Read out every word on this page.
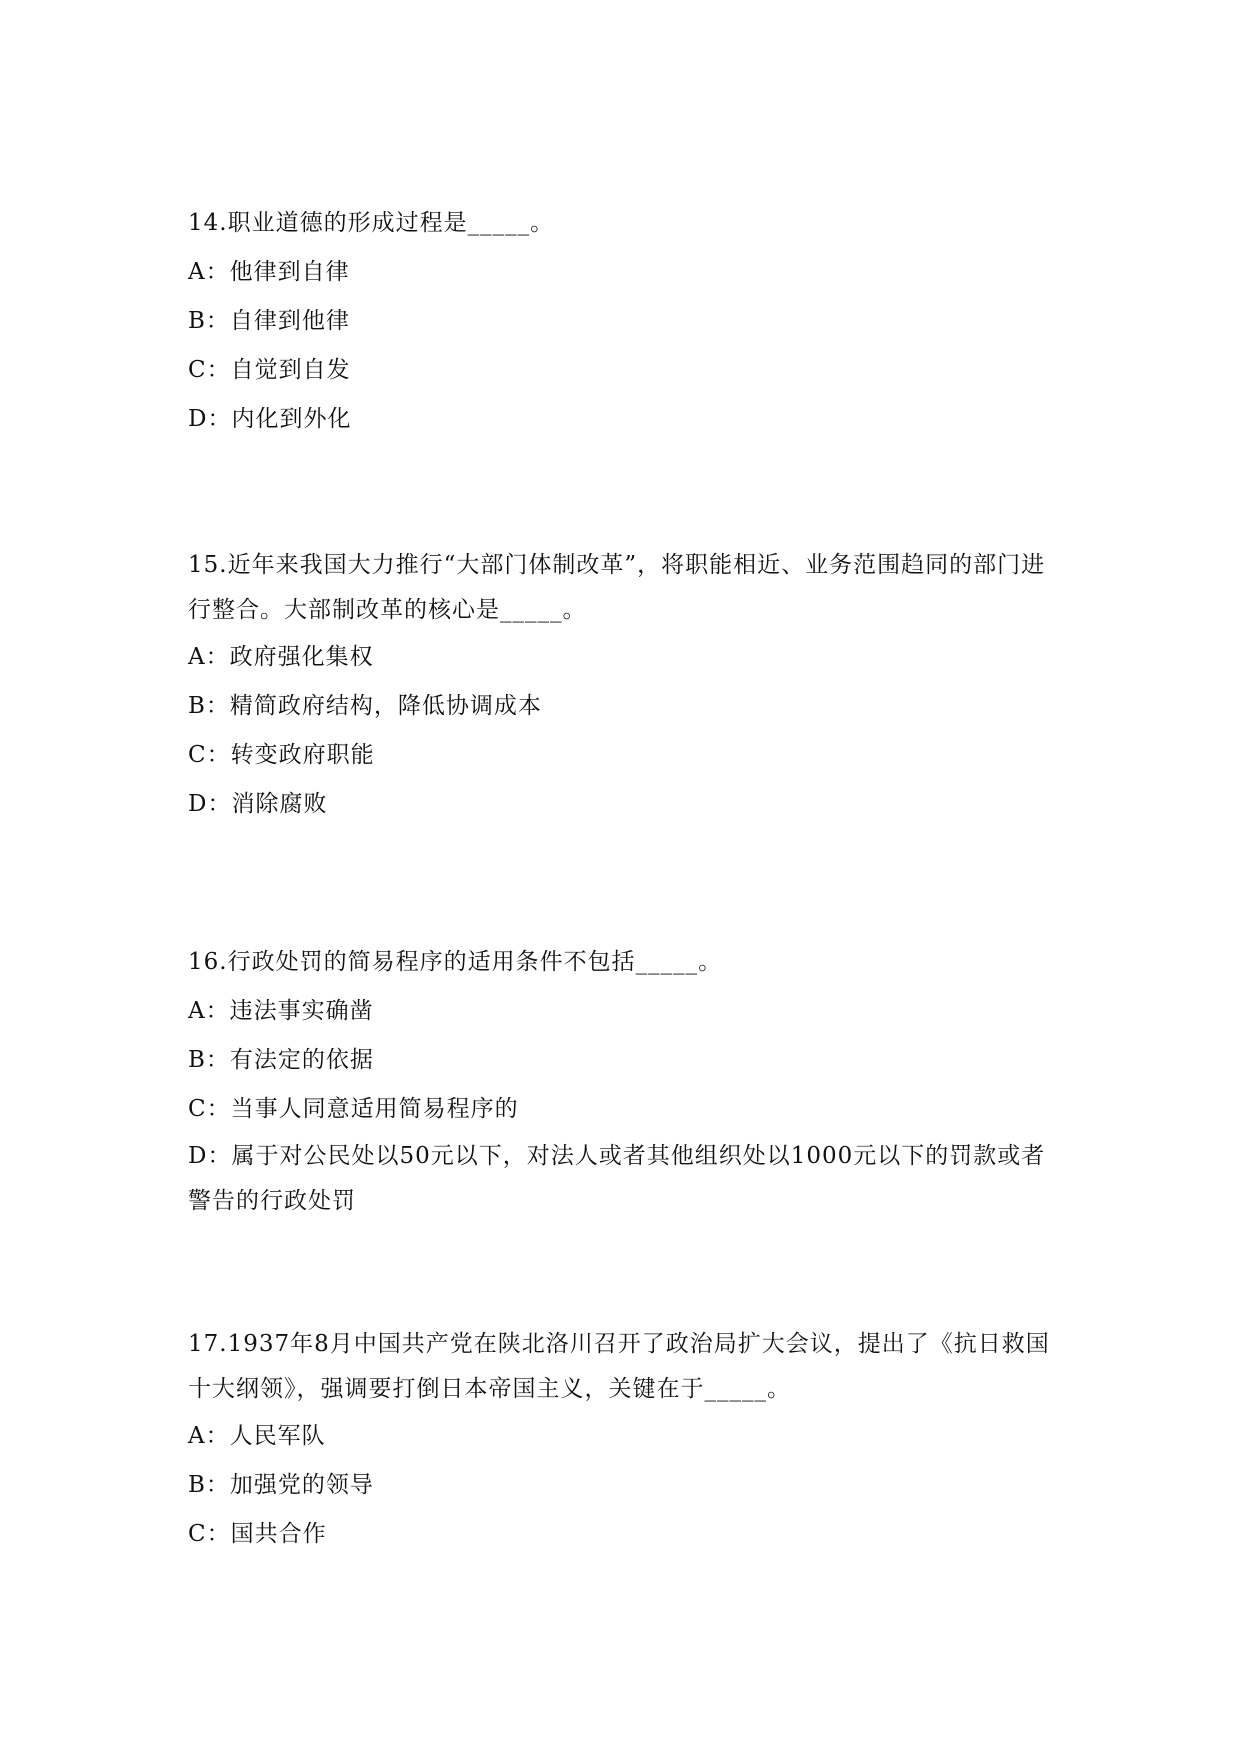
14.职业道德的形成过程是_____。
A：他律到自律
B：自律到他律
C：自觉到自发
D：内化到外化
15.近年来我国大力推行“大部门体制改革”，将职能相近、业务范围趋同的部门进行整合。大部制改革的核心是_____。
A：政府强化集权
B：精简政府结构，降低协调成本
C：转变政府职能
D：消除腐败
16.行政处罚的简易程序的适用条件不包括_____。
A：违法事实确凿
B：有法定的依据
C：当事人同意适用简易程序的
D：属于对公民处以50元以下，对法人或者其他组织处以1000元以下的罚款或者警告的行政处罚
17.1937年8月中国共产党在陕北洛川召开了政治局扩大会议，提出了《抗日救国十大纲领》，强调要打倒日本帝国主义，关键在于_____。
A：人民军队
B：加强党的领导
C：国共合作
